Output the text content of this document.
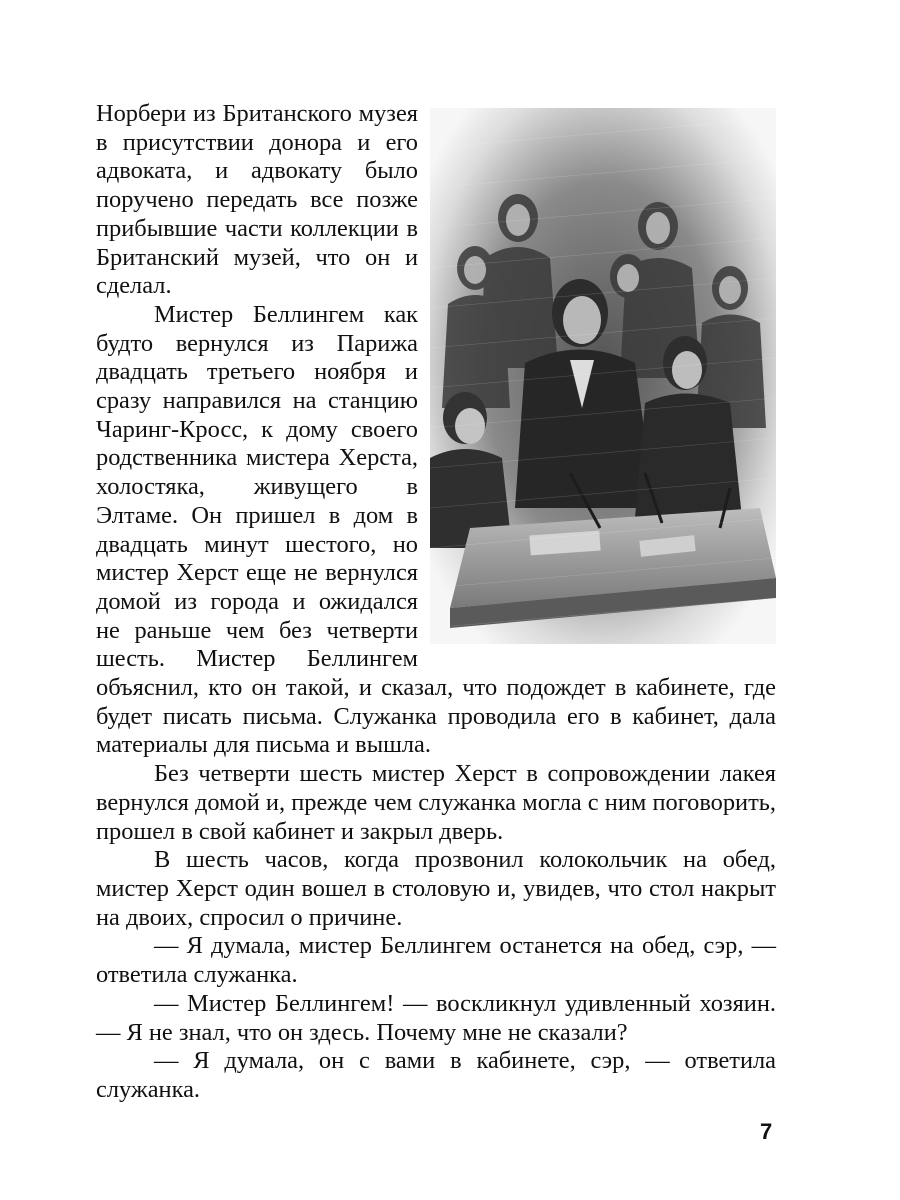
Норбери из Британского музея в присутствии донора и его адвоката, и адвокату было поручено передать все позже прибывшие части коллекции в Британский музей, что он и сделал.

Мистер Беллингем как будто вернулся из Парижа двадцать третьего ноября и сразу направился на станцию Чаринг-Кросс, к дому своего родственника мистера Херста, холостяка, живущего в Элтаме. Он пришел в дом в двадцать минут шестого, но мистер Херст еще не вернулся домой из города и ожидался не раньше чем без четверти шесть. Мистер Беллингем объяснил, кто он такой, и сказал, что подождет в кабинете, где будет писать письма. Служанка проводила его в кабинет, дала материалы для письма и вышла.

Без четверти шесть мистер Херст в сопровождении лакея вернулся домой и, прежде чем служанка могла с ним поговорить, прошел в свой кабинет и закрыл дверь.

В шесть часов, когда прозвонил колокольчик на обед, мистер Херст один вошел в столовую и, увидев, что стол накрыт на двоих, спросил о причине.

— Я думала, мистер Беллингем останется на обед, сэр, — ответила служанка.

— Мистер Беллингем! — воскликнул удивленный хозяин. — Я не знал, что он здесь. Почему мне не сказали?

— Я думала, он с вами в кабинете, сэр, — ответила служанка.

7
